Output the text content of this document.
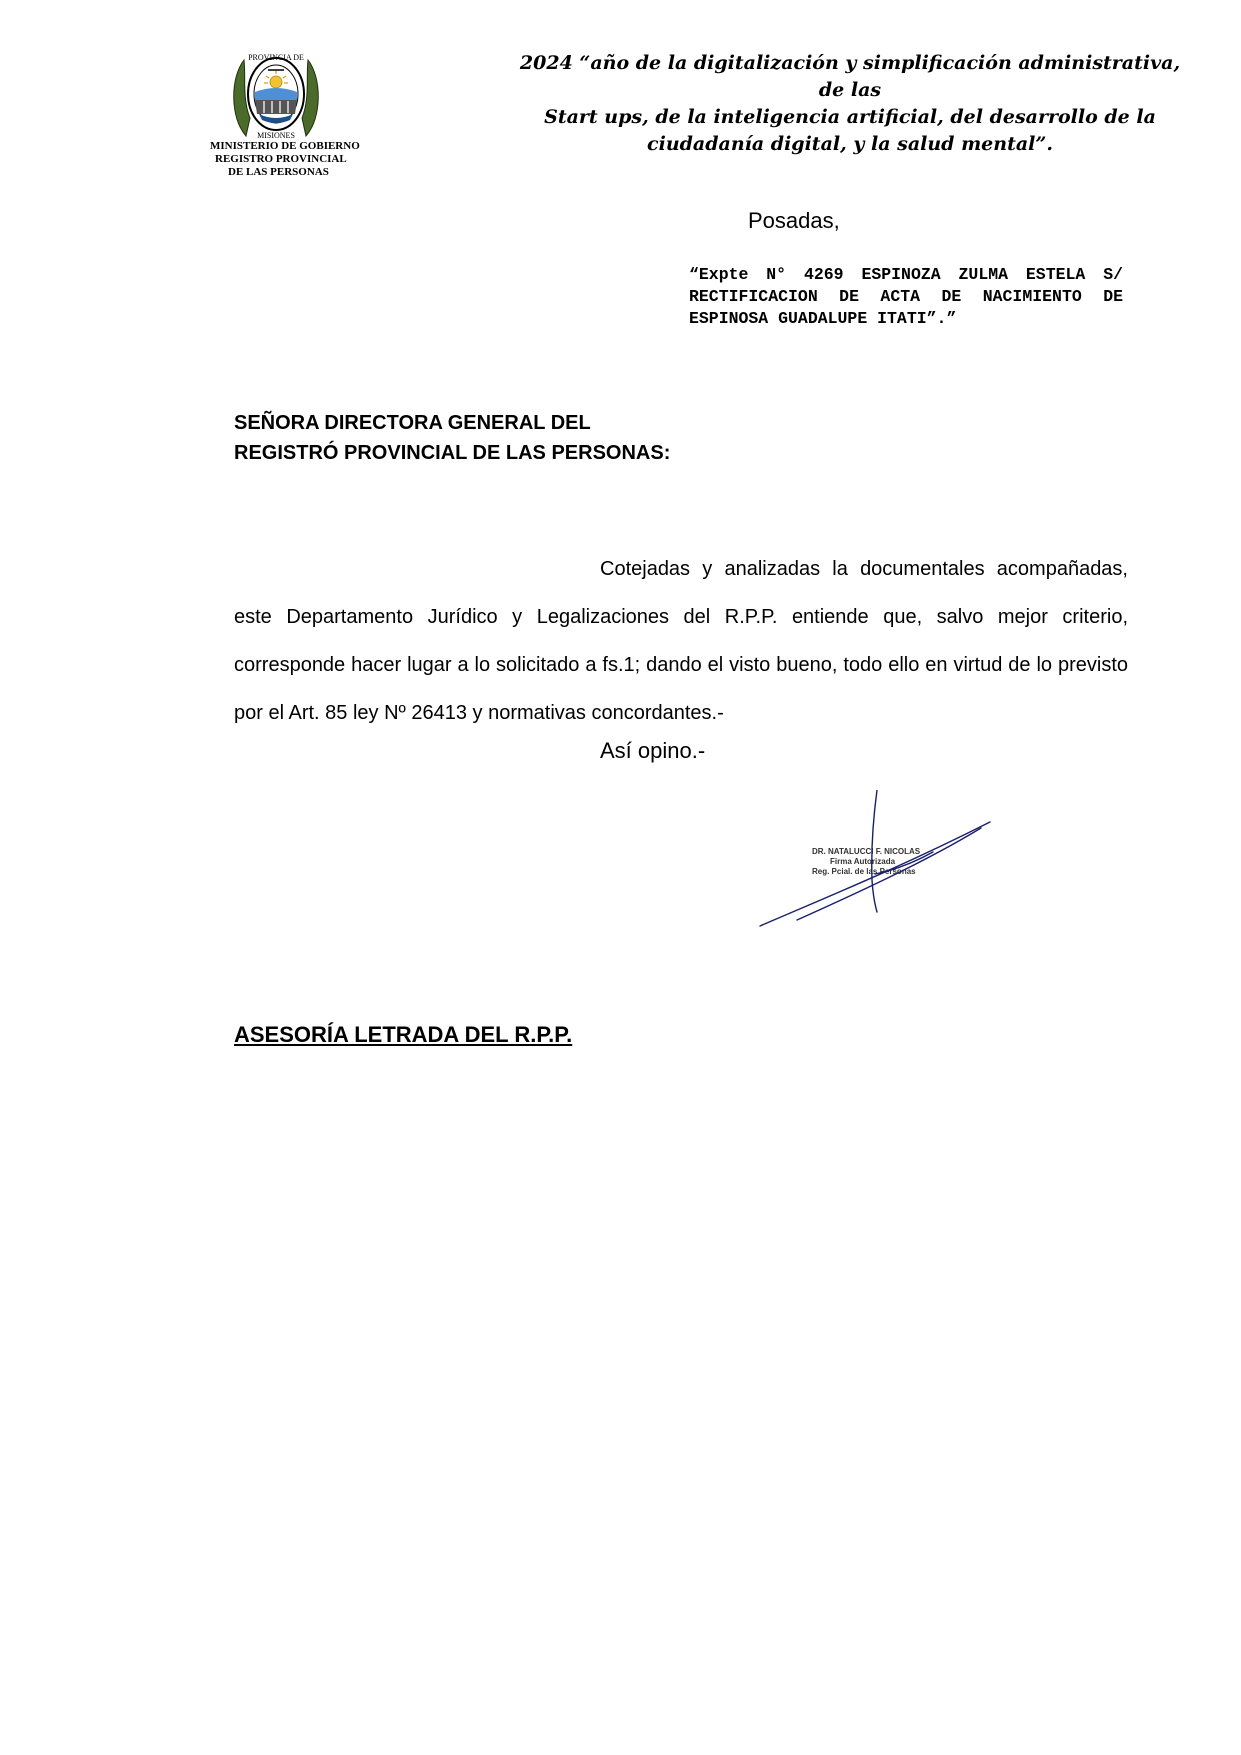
PROVINCIA DE
MISIONES
MINISTERIO DE GOBIERNO
REGISTRO PROVINCIAL
DE LAS PERSONAS
2024 “año de la digitalización y simplificación administrativa, de las
Start ups, de la inteligencia artificial, del desarrollo de la
ciudadanía digital, y la salud mental”.
Posadas,
“Expte N° 4269 ESPINOZA ZULMA ESTELA S/ RECTIFICACION DE ACTA DE NACIMIENTO DE ESPINOSA GUADALUPE ITATI”.”
SEÑORA DIRECTORA GENERAL DEL
REGISTRÓ PROVINCIAL DE LAS PERSONAS:
Cotejadas y analizadas la documentales acompañadas, este Departamento Jurídico y Legalizaciones del R.P.P. entiende que, salvo mejor criterio, corresponde hacer lugar a lo solicitado a fs.1; dando el visto bueno, todo ello en virtud de lo previsto por el Art. 85 ley Nº 26413 y normativas concordantes.-
Así opino.-
DR. NATALUCCI F. NICOLAS
Firma Autorizada
Reg. Pcial. de las Personas
ASESORÍA LETRADA DEL R.P.P.
